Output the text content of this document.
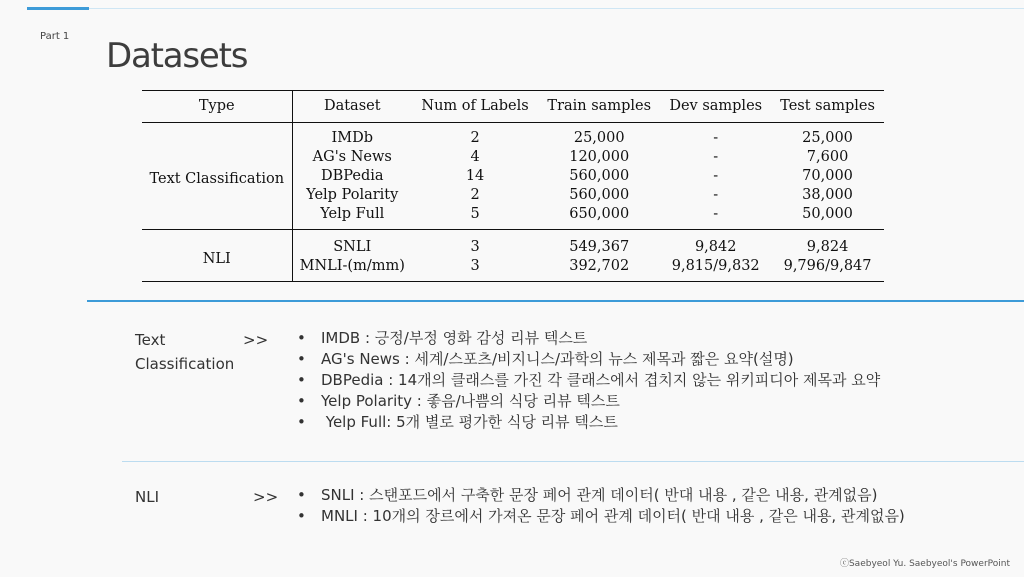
Part 1 Datasets
Type	Dataset	Num of Labels	Train samples	Dev samples	Test samples
Text Classification	IMDb	2	25,000	-	25,000
	AG's News	4	120,000	-	7,600
	DBPedia	14	560,000	-	70,000
	Yelp Polarity	2	560,000	-	38,000
	Yelp Full	5	650,000	-	50,000
NLI	SNLI	3	549,367	9,842	9,824
	MNLI-(m/mm)	3	392,702	9,815/9,832	9,796/9,847
Text
Classification
>>	• IMDB : 긍정/부정 영화 감성 리뷰 텍스트
• AG's News : 세계/스포츠/비지니스/과학의 뉴스 제목과 짧은 요약(설명)
• DBPedia : 14개의 클래스를 가진 각 클래스에서 겹치지 않는 위키피디아 제목과 요약
• Yelp Polarity : 좋음/나쁨의 식당 리뷰 텍스트
• Yelp Full: 5개 별로 평가한 식당 리뷰 텍스트
NLI	>>	• SNLI : 스탠포드에서 구축한 문장 페어 관계 데이터( 반대 내용 , 같은 내용, 관계없음)
• MNLI : 10개의 장르에서 가져온 문장 페어 관계 데이터( 반대 내용 , 같은 내용, 관계없음)
ⓒSaebyeol Yu. Saebyeol's PowerPoint
